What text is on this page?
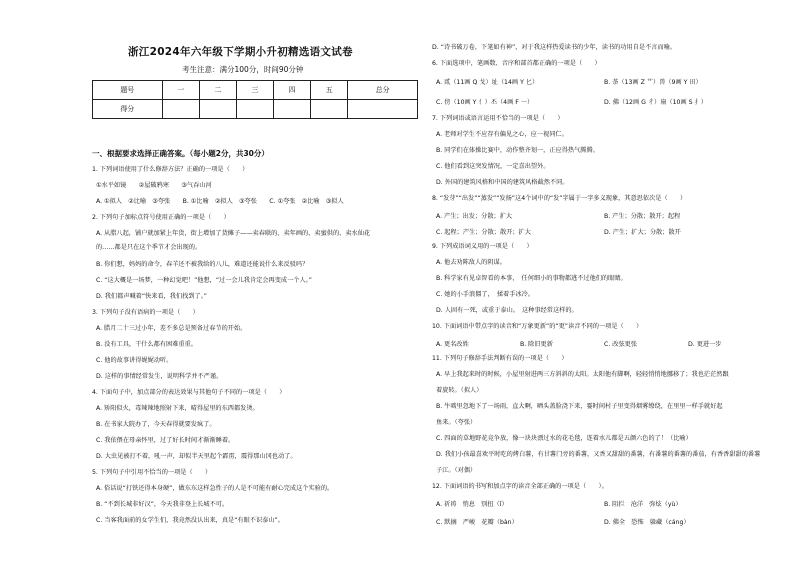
浙江2024年六年级下学期小升初精选语文试卷
考生注意：满分100分，时间90分钟
题号	一	二	三	四	五	总分
得分						
一、根据要求选择正确答案。（每小题2分，共30分）
1. 下列词语使用了什么修辞方法？正确的一项是（　　）
①水平如镜　　②屋破鸦寒　　③气吞山河
A. ①拟人　②比喻　③夸张　　B. ①比喻　②拟人　③夸张　　C. ①夸张　②比喻　③拟人
2. 下列句子加标点符号使用正确的一项是（　　）
A. 从腊八起，铺户就加紧上年货，街上增加了货摊子——卖春联的、卖年画的、卖蜜供的、卖水仙花
的……都是只在这个季节才会出现的。
B. 你们想，妈妈的命令，春羊还不被我给的八儿，难道还能说什么来反驳吗？
C. “这大概是一场梦，一种幻觉吧！”他想，“过一会儿我肯定会再变成一个人。”
D. 我们都声喊着“快来看，我们找到了。”
3. 下列句子没有语病的一项是（　　）
A. 腊月二十三过小年，差不多总是预备过春节的开始。
B. 没有工具，干什么都有困难重重。
C. 他的故事讲得娓娓动听。
D. 这样的事情经常发生，说明科学并不严谨。
4. 下面句子中，加点部分的表达效果与其他句子不同的一项是（　　）
A. 矫阳似火，毒辣辣地照射下来，晴得屋里的东西都发烫。
B. 在书家大院办了，今天春得就要发疯了。
C. 我依偎在母亲怀里，过了好长时间才渐渐睡着。
D. 大虫见被打不着，吼一声，却似半天里起个霹雳，震得那山冈也动了。
5. 下列句子中引用不恰当的一项是（　　）
A. 俗话说“打铁还得本身硬”，做东东这样急性子的人是不可能有耐心完成这个实验的。
B. “不到长城非好汉”，今天我非登上长城不可。
C. 当客我面前的女学生们，我竟然没认出来，真是“有眼不识泰山”。
D. “诗书破万卷，下笔如有神”，对于我这样热爱读书的少年，读书的功用自是不言而喻。
6. 下面选项中，笔画数、音序和部首都正确的一项是（　　）
A. 贰（11画 Q 戈）址（14画 Y 匕）	B. 荼（13画 Z 艹）兽（9画 Y 田）
C. 傍（10画 Y 亻）丕（4画 F 一）	D. 佛（12画 G 彳）扇（10画 S 扌）
7. 下列词语或语言运用不恰当的一项是（　　）
A. 老师对学生不应存有偏见之心，应一视同仁。
B. 同学们在体操比赛中，动作整齐划一，正应得热气腾腾。
C. 他们看到这突发情况，一定喜出望外。
D. 外国的建筑风格和中国的建筑风格截然不同。
8. “发芽”“出发”“蒸发”“发扬”这4个词中的“发”字属于一字多义现象，其意思依次是（　　）
A. 产生；出发；分散；扩大	B. 产生；分散；散开；起程
C. 起程；产生；分散；散开；扩大	D. 产生；扩大；分散；散开
9. 下列成语词义用的一项是（　　）
A. 他去劝陈敌人的阴谋。
B. 科学家有见卓智看的本事，　任何细小的事物都逃不过他们的眼睛。
C. 她的小手浪僵了，　揉着手冰冷。
D. 人固有一死，或重于泰山。　这种事经常这样的。
10. 下面词语中带点字的读音和“万象更新”的“更”读音不同的一项是（　　）
A. 更名改姓	B. 除旧更新	C. 改弦更张	D. 更进一步
11. 下列句子修辞手法判断有误的一项是（　　）
A. 早上我起来时的时候，小屋里射进两三方斜斜的太阳。太阳他有脚啊，轻轻悄悄地挪移了；我也茫茫然跟
着旋转。（拟人）
B. 牛啮里忽地下了一场雨，直大啊，晒头盖脸浇下来，霎时间村子里变得烟雾缭绕，在里里一样手就好起
鱼来。（夸张）
C. 四面的草地野花竞争放，像一块块漂过水的花毛毯，连着水儿都是五颜六色的了！（比喻）
D. 我们小孩最喜欢平时吃的烤白薯，有甘薯门旁的番薯，又香又甜甜的番薯，有番薯的番薯的番茄，有香香甜甜的番薯
子江。（对偶）
12. 下面词语的书写和加点字的读音全部正确的一项是（　　）。
A. 祈祷　悄息　别扭（ǐ）	B. 阻拦　沧洋　弥炫（yù）
C. 默摘　严峻　花瓣（bàn）	D. 佛全　恐怖　躲藏（cáng）
